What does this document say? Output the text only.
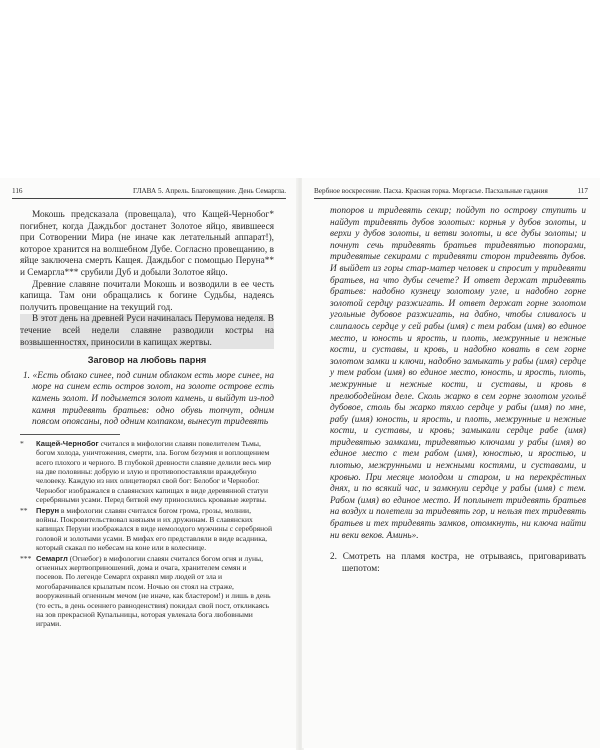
116	ГЛАВА 5. Апрель. Благовещение. День Семаргла.

Мокошь предсказала (провещала), что Кащей-Чернобог* погибнет, когда Даждьбог достанет Золотое яйцо, явившееся при Сотворении Мира (не иначе как летательный аппарат!), которое хранится на волшебном Дубе. Согласно провещанию, в яйце заключена смерть Кащея. Даждьбог с помощью Перуна** и Семаргла*** срубили Дуб и добыли Золотое яйцо.

Древние славяне почитали Мокошь и возводили в ее честь капища. Там они обращались к богине Судьбы, надеясь получить провещание на текущий год.

В этот день на древней Руси начиналась Перумова неделя. В течение всей недели славяне разводили костры на возвышенностях, приносили в капищах жертвы.

Заговор на любовь парня

1. «Есть облако синее, под синим облаком есть море синее, на море на синем есть остров золот, на золоте острове есть камень золот. И подымется золот камень, и выйдут из-под камня тридевять братьев: одно обувь топчут, одним поясом опоясаны, под одним колпаком, вынесут тридевять

* Кащей-Чернобог считался в мифологии славян повелителем Тьмы, богом холода, уничтожения, смерти, зла. Богом безумия и воплощением всего плохого и черного. В глубокой древности славяне делили весь мир на две половины: добрую и злую и противопоставляли враждебную человеку. Каждую из них олицетворял свой бог: Белобог и Чернобог. Чернобог изображался в славянских капищах в виде деревянной статуи серебряными усами. Перед битвой ему приносились кровавые жертвы.
** Перун в мифологии славян считался богом грома, грозы, молнии, войны. Покровительствовал князьям и их дружинам. В славянских капищах Перуни изображался в виде немолодого мужчины с серебряной головой и золотыми усами. В мифах его представляли в виде всадника, который скакал по небесам на коне или в колеснице.
*** Семаргл (Огнебог) в мифологии славян считался богом огня и луны, огненных жертвоприношений, дома и очага, хранителем семян и посевов. По легенде Семаргл охранял мир людей от зла и могобарачивался крылатым псом. Ночью он стоял на страже, вооруженный огненным мечом (не иначе, как бластером!) и лишь в день (то есть, в день осеннего равноденствия) покидал свой пост, откликаясь на зов прекрасной Купальницы, которая увлекала бога любовными играми.
Вербное воскресение. Пасха. Красная горка. Моргасье. Пасхальные гадания	117

топоров и тридевять секир; пойдут по острову ступить и найдут тридевять дубов золотых: корнья у дубов золоты, и верхи у дубов золоты, и ветви золоты, и все дубы золоты; и почнут сечь тридевять братьев тридевятью топорами, тридевятые секирами с тридевяти сторон тридевять дубов. И выйдет из горы стар-матер человек и спросит у тридевяти братьев, на что дубы сечете? И ответ держат тридевять братьев: надобно кузнецу золотому угле, и надобно горне золотой сердцу разжигать. И ответ держат горне золотом угольные дубовое разжигать, на дабно, чтобы сливалось и слипалось сердце у сей рабы (имя) с тем рабом (имя) во единое место, и юность и ярость, и плоть, межрунные и нежные кости, и суставы, и кровь, и надобно ковать в сем горне золотом замки и ключи, надобно замыкать у рабы (имя) сердце у тем рабом (имя) во единое место, юность, и ярость, плоть, межрунные и нежные кости, и суставы, и кровь в прелюбодейном деле. Сколь жарко в сем горне золотом угольё дубовое, столь бы жарко тяхло сердце у рабы (имя) по мне, рабу (имя) юность, и ярость, и плоть, межрунные и нежные кости, и суставы, и кровь; замыкали сердце рабе (имя) тридевятью замками, тридевятью ключами у рабы (имя) во единое место с тем рабом (имя), юностью, и яростью, и плотью, межрунными и нежными костями, и суставами, и кровью. При месяце молодом и старом, и на перекрёстных днях, и по всякий час, и замкнули сердце у рабы (имя) с тем. Рабом (имя) во единое место. И поплынет тридевять братьев на воздух и полетели за тридевять гор, и нельзя тех тридевять братьев и тех тридевять замков, отомкнуть, ни ключа найти ни веки веков. Аминь».

2. Смотреть на пламя костра, не отрываясь, приговаривать шепотом:
